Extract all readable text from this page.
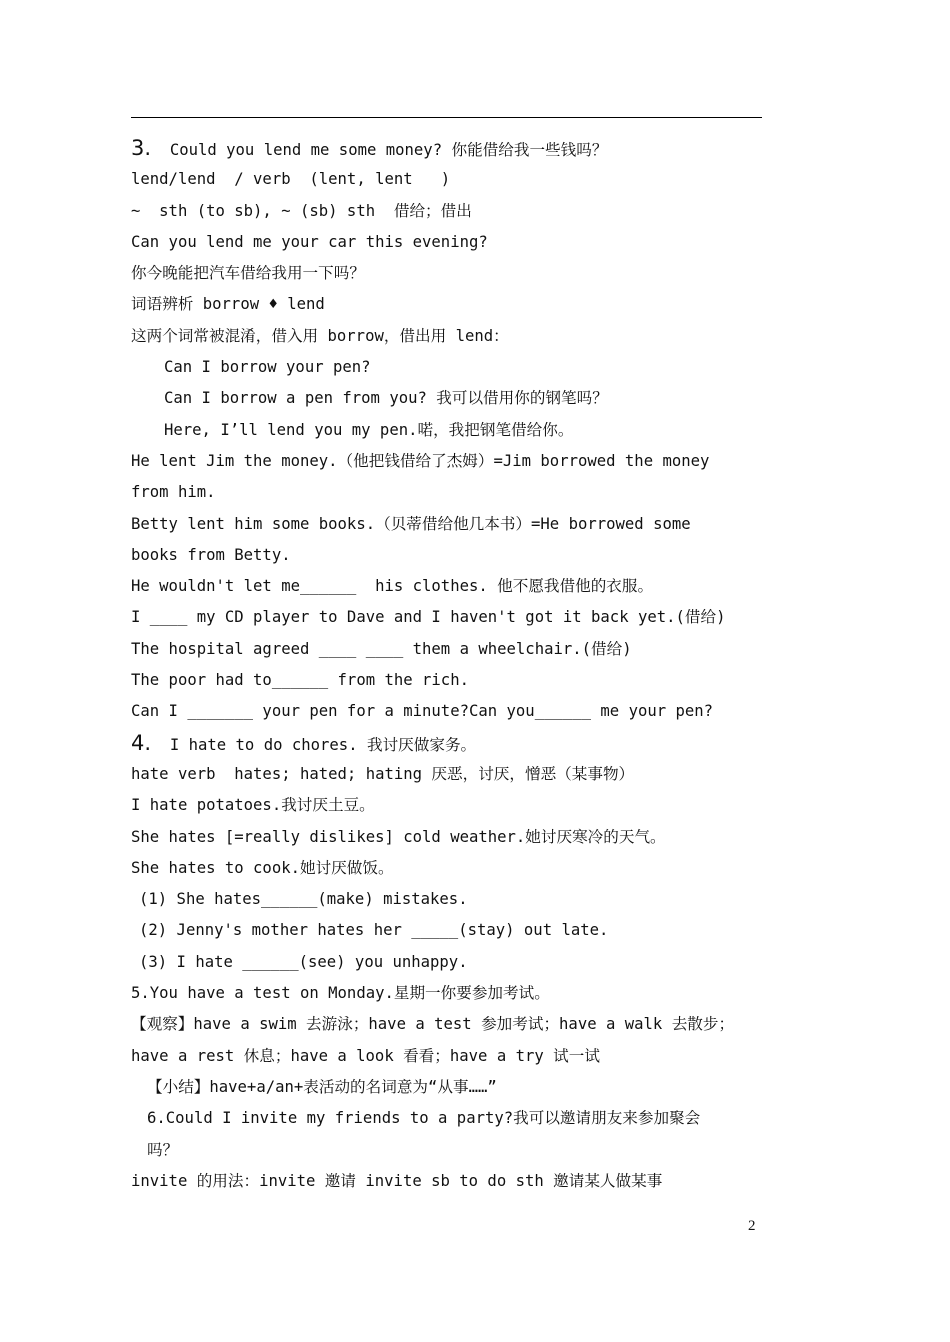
3.  Could you lend me some money? 你能借给我一些钱吗？
lend/lend  / verb  (lent, lent   )
~  sth (to sb), ~ (sb) sth  借给；借出
Can you lend me your car this evening?
你今晚能把汽车借给我用一下吗？
词语辨析 borrow ♦ lend
这两个词常被混淆，借入用 borrow，借出用 lend：
Can I borrow your pen?
Can I borrow a pen from you? 我可以借用你的钢笔吗？
Here, I’ll lend you my pen.喏，我把钢笔借给你。
He lent Jim the money.（他把钱借给了杰姆）=Jim borrowed the money
from him.
Betty lent him some books.（贝蒂借给他几本书）=He borrowed some
books from Betty.
He wouldn't let me______  his clothes. 他不愿我借他的衣服。
I ____ my CD player to Dave and I haven't got it back yet.(借给)
The hospital agreed ____ ____ them a wheelchair.(借给)
The poor had to______ from the rich.
Can I _______ your pen for a minute?Can you______ me your pen?
4.  I hate to do chores. 我讨厌做家务。
hate verb  hates; hated; hating 厌恶，讨厌，憎恶（某事物）
I hate potatoes.我讨厌土豆。
She hates [=really dislikes] cold weather.她讨厌寒冷的天气。
She hates to cook.她讨厌做饭。
(1) She hates______(make) mistakes.
(2) Jenny's mother hates her _____(stay) out late.
(3) I hate ______(see) you unhappy.
5.You have a test on Monday.星期一你要参加考试。
【观察】have a swim 去游泳；have a test 参加考试；have a walk 去散步；
have a rest 休息；have a look 看看；have a try 试一试
【小结】have+a/an+表活动的名词意为“从事……”
6.Could I invite my friends to a party?我可以邀请朋友来参加聚会
吗？
invite 的用法：invite 邀请 invite sb to do sth 邀请某人做某事
2
